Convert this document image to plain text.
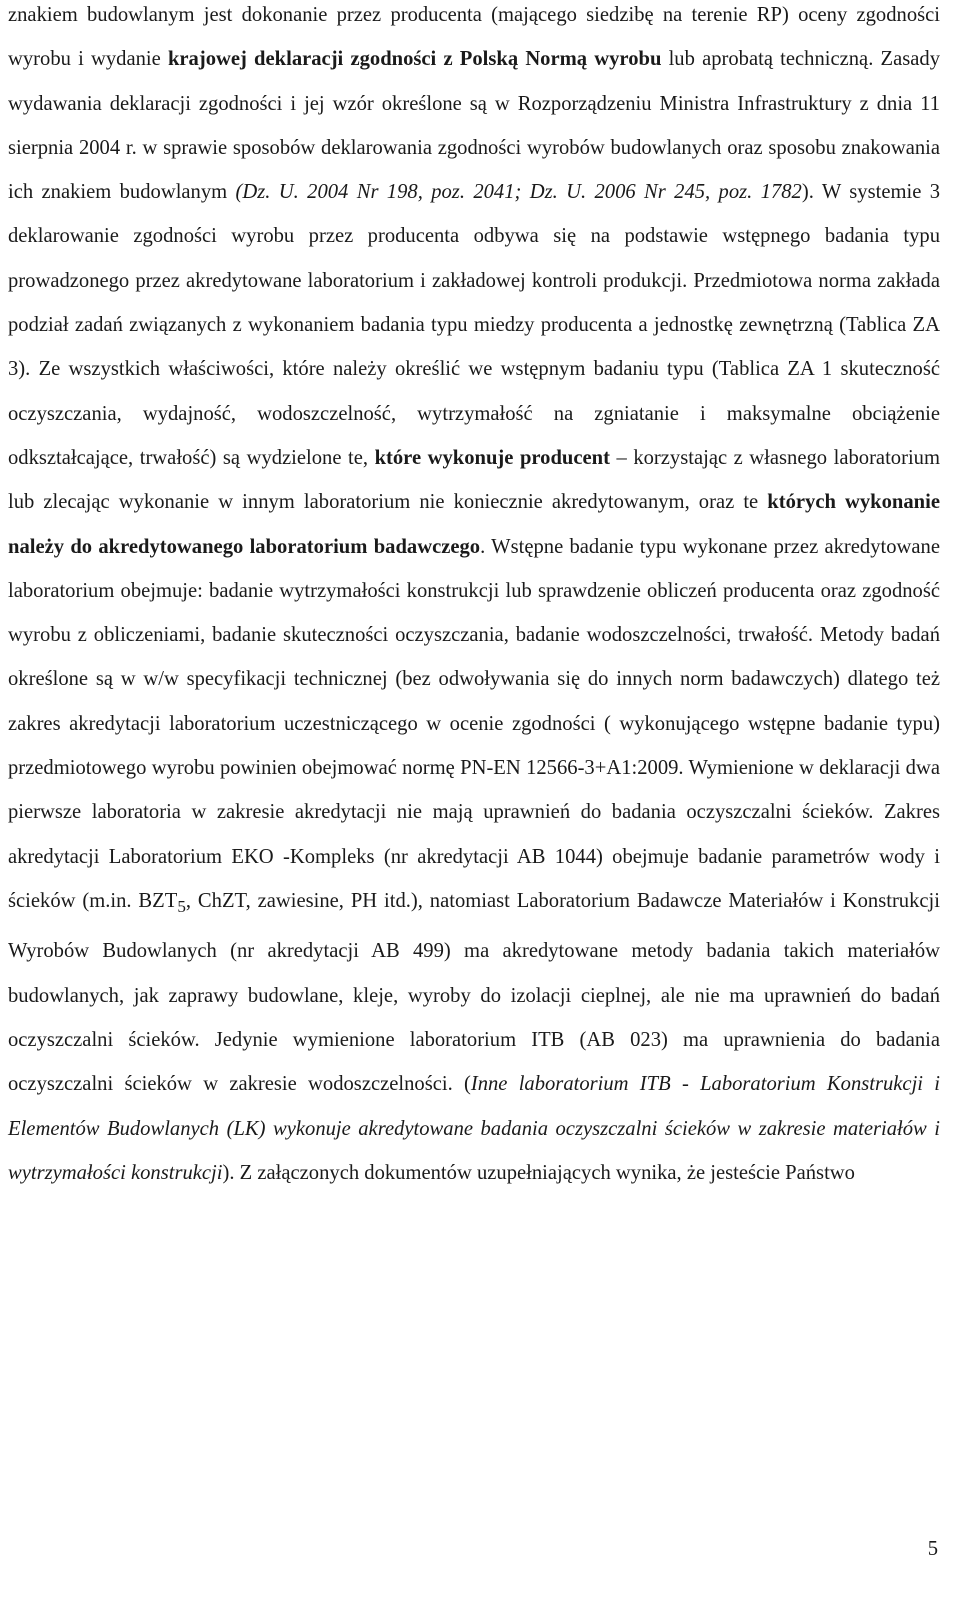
znakiem budowlanym jest dokonanie przez producenta (mającego siedzibę na terenie RP) oceny zgodności wyrobu i wydanie krajowej deklaracji zgodności z Polską Normą wyrobu lub aprobatą techniczną. Zasady wydawania deklaracji zgodności i jej wzór określone są w Rozporządzeniu Ministra Infrastruktury z dnia 11 sierpnia 2004 r. w sprawie sposobów deklarowania zgodności wyrobów budowlanych oraz sposobu znakowania ich znakiem budowlanym (Dz. U. 2004 Nr 198, poz. 2041; Dz. U. 2006 Nr 245, poz. 1782). W systemie 3 deklarowanie zgodności wyrobu przez producenta odbywa się na podstawie wstępnego badania typu prowadzonego przez akredytowane laboratorium i zakładowej kontroli produkcji. Przedmiotowa norma zakłada podział zadań związanych z wykonaniem badania typu miedzy producenta a jednostkę zewnętrzną (Tablica ZA 3). Ze wszystkich właściwości, które należy określić we wstępnym badaniu typu (Tablica ZA 1 skuteczność oczyszczania, wydajność, wodoszczelność, wytrzymałość na zgniatanie i maksymalne obciążenie odkształcające, trwałość) są wydzielone te, które wykonuje producent – korzystając z własnego laboratorium lub zlecając wykonanie w innym laboratorium nie koniecznie akredytowanym, oraz te których wykonanie należy do akredytowanego laboratorium badawczego. Wstępne badanie typu wykonane przez akredytowane laboratorium obejmuje: badanie wytrzymałości konstrukcji lub sprawdzenie obliczeń producenta oraz zgodność wyrobu z obliczeniami, badanie skuteczności oczyszczania, badanie wodoszczelności, trwałość. Metody badań określone są w w/w specyfikacji technicznej (bez odwoływania się do innych norm badawczych) dlatego też zakres akredytacji laboratorium uczestniczącego w ocenie zgodności ( wykonującego wstępne badanie typu) przedmiotowego wyrobu powinien obejmować normę PN-EN 12566-3+A1:2009. Wymienione w deklaracji dwa pierwsze laboratoria w zakresie akredytacji nie mają uprawnień do badania oczyszczalni ścieków. Zakres akredytacji Laboratorium EKO -Kompleks (nr akredytacji AB 1044) obejmuje badanie parametrów wody i ścieków (m.in. $BZT_5$, ChZT, zawiesine, PH itd.), natomiast Laboratorium Badawcze Materiałów i Konstrukcji Wyrobów Budowlanych (nr akredytacji AB 499) ma akredytowane metody badania takich materiałów budowlanych, jak zaprawy budowlane, kleje, wyroby do izolacji cieplnej, ale nie ma uprawnień do badań oczyszczalni ścieków. Jedynie wymienione laboratorium ITB (AB 023) ma uprawnienia do badania oczyszczalni ścieków w zakresie wodoszczelności. (Inne laboratorium ITB - Laboratorium Konstrukcji i Elementów Budowlanych (LK) wykonuje akredytowane badania oczyszczalni ścieków w zakresie materiałów i wytrzymałości konstrukcji). Z załączonych dokumentów uzupełniających wynika, że jesteście Państwo

5
